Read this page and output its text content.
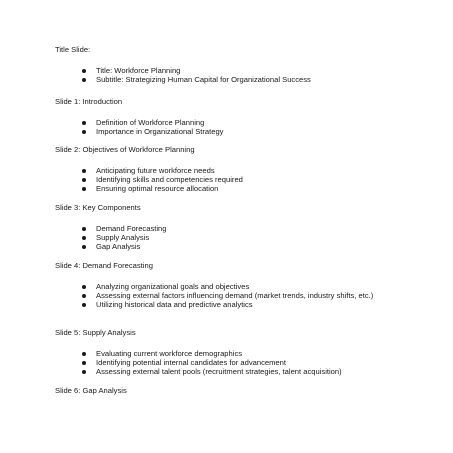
Title Slide:

Title: Workforce Planning
Subtitle: Strategizing Human Capital for Organizational Success

Slide 1: Introduction

Definition of Workforce Planning
Importance in Organizational Strategy

Slide 2: Objectives of Workforce Planning

Anticipating future workforce needs
Identifying skills and competencies required
Ensuring optimal resource allocation

Slide 3: Key Components

Demand Forecasting
Supply Analysis
Gap Analysis

Slide 4: Demand Forecasting

Analyzing organizational goals and objectives
Assessing external factors influencing demand (market trends, industry shifts, etc.)
Utilizing historical data and predictive analytics

Slide 5: Supply Analysis

Evaluating current workforce demographics
Identifying potential internal candidates for advancement
Assessing external talent pools (recruitment strategies, talent acquisition)

Slide 6: Gap Analysis
